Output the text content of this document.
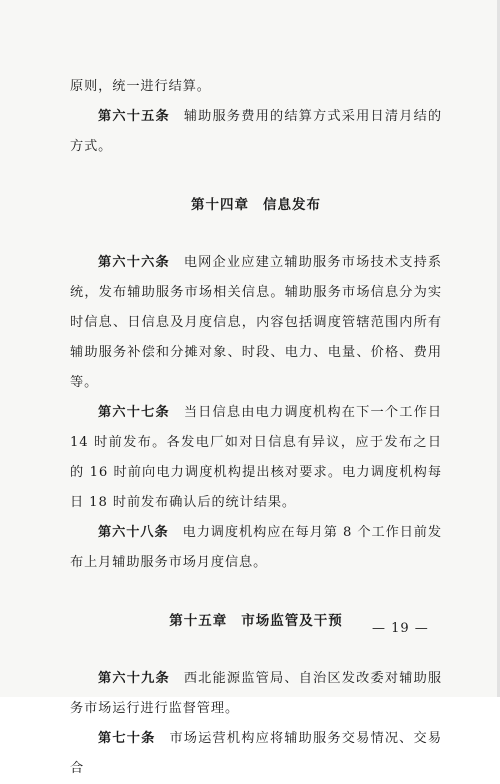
原则，统一进行结算。

第六十五条 辅助服务费用的结算方式采用日清月结的方式。

第十四章 信息发布

第六十六条 电网企业应建立辅助服务市场技术支持系统，发布辅助服务市场相关信息。辅助服务市场信息分为实时信息、日信息及月度信息，内容包括调度管辖范围内所有辅助服务补偿和分摊对象、时段、电力、电量、价格、费用等。

第六十七条 当日信息由电力调度机构在下一个工作日 14 时前发布。各发电厂如对日信息有异议，应于发布之日的 16 时前向电力调度机构提出核对要求。电力调度机构每日 18 时前发布确认后的统计结果。

第六十八条 电力调度机构应在每月第 8 个工作日前发布上月辅助服务市场月度信息。

第十五章 市场监管及干预

第六十九条 西北能源监管局、自治区发改委对辅助服务市场运行进行监督管理。

第七十条 市场运营机构应将辅助服务交易情况、交易合

— 19 —
